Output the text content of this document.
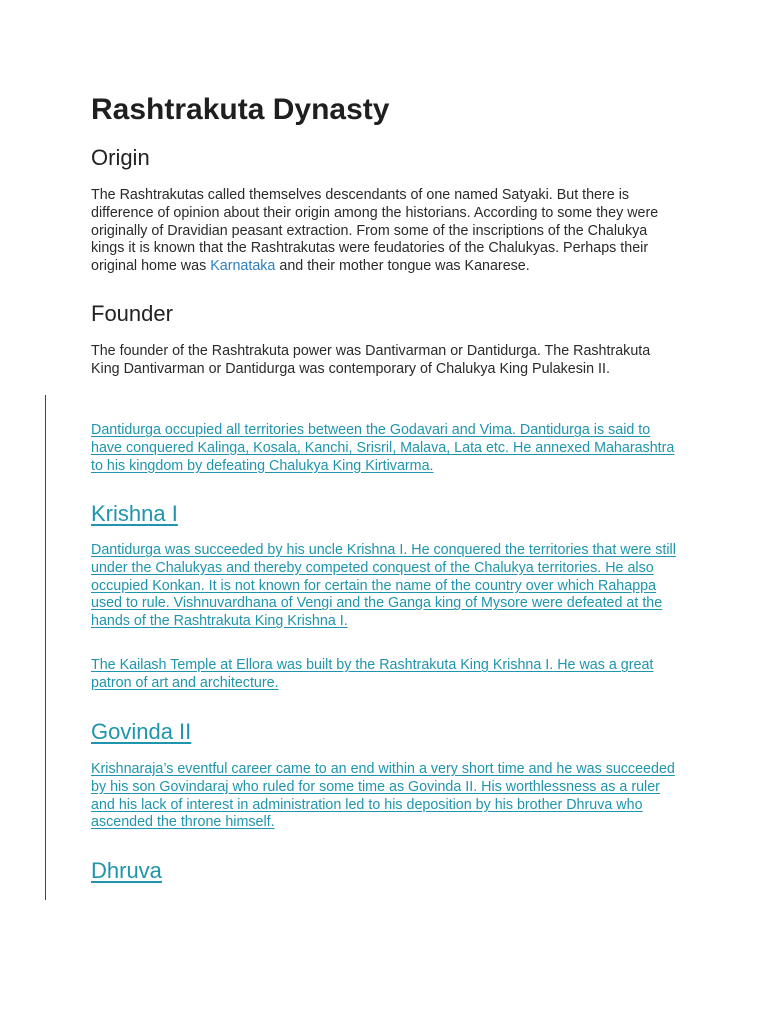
Rashtrakuta Dynasty
Origin

The Rashtrakutas called themselves descendants of one named Satyaki. But there is difference of opinion about their origin among the historians. According to some they were originally of Dravidian peasant extraction. From some of the inscriptions of the Chalukya kings it is known that the Rashtrakutas were feudatories of the Chalukyas. Perhaps their original home was Karnataka and their mother tongue was Kanarese.

Founder

The founder of the Rashtrakuta power was Dantivarman or Dantidurga. The Rashtrakuta King Dantivarman or Dantidurga was contemporary of Chalukya King Pulakesin II.

Dantidurga occupied all territories between the Godavari and Vima. Dantidurga is said to have conquered Kalinga, Kosala, Kanchi, Srisril, Malava, Lata etc. He annexed Maharashtra to his kingdom by defeating Chalukya King Kirtivarma.

Krishna I

Dantidurga was succeeded by his uncle Krishna I. He conquered the territories that were still under the Chalukyas and thereby competed conquest of the Chalukya territories. He also occupied Konkan. It is not known for certain the name of the country over which Rahappa used to rule. Vishnuvardhana of Vengi and the Ganga king of Mysore were defeated at the hands of the Rashtrakuta King Krishna I.

The Kailash Temple at Ellora was built by the Rashtrakuta King Krishna I. He was a great patron of art and architecture.

Govinda II

Krishnaraja’s eventful career came to an end within a very short time and he was succeeded by his son Govindaraj who ruled for some time as Govinda II. His worthlessness as a ruler and his lack of interest in administration led to his deposition by his brother Dhruva who ascended the throne himself.

Dhruva
